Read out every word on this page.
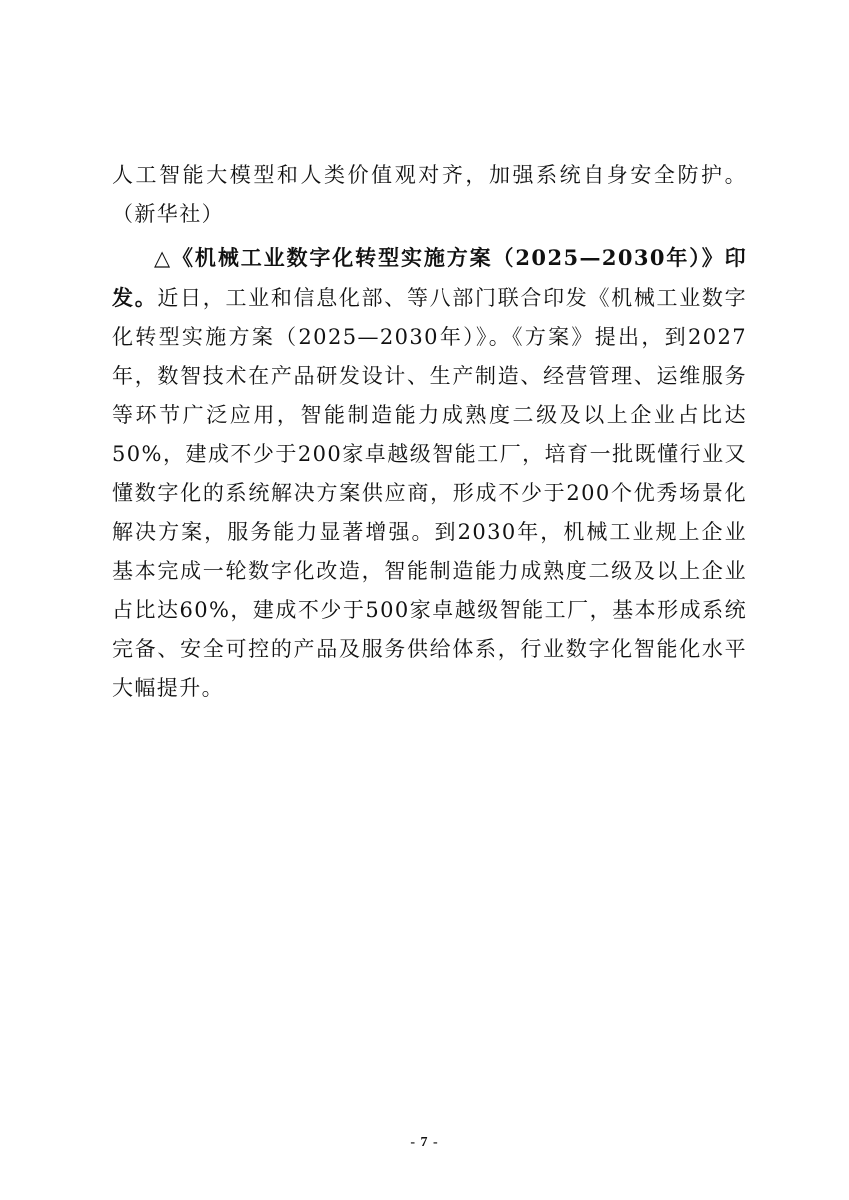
人工智能大模型和人类价值观对齐，加强系统自身安全防护。（新华社）

△《机械工业数字化转型实施方案（2025—2030年）》印发。近日，工业和信息化部、等八部门联合印发《机械工业数字化转型实施方案（2025—2030年）》。《方案》提出，到2027年，数智技术在产品研发设计、生产制造、经营管理、运维服务等环节广泛应用，智能制造能力成熟度二级及以上企业占比达50%，建成不少于200家卓越级智能工厂，培育一批既懂行业又懂数字化的系统解决方案供应商，形成不少于200个优秀场景化解决方案，服务能力显著增强。到2030年，机械工业规上企业基本完成一轮数字化改造，智能制造能力成熟度二级及以上企业占比达60%，建成不少于500家卓越级智能工厂，基本形成系统完备、安全可控的产品及服务供给体系，行业数字化智能化水平大幅提升。

- 7 -
